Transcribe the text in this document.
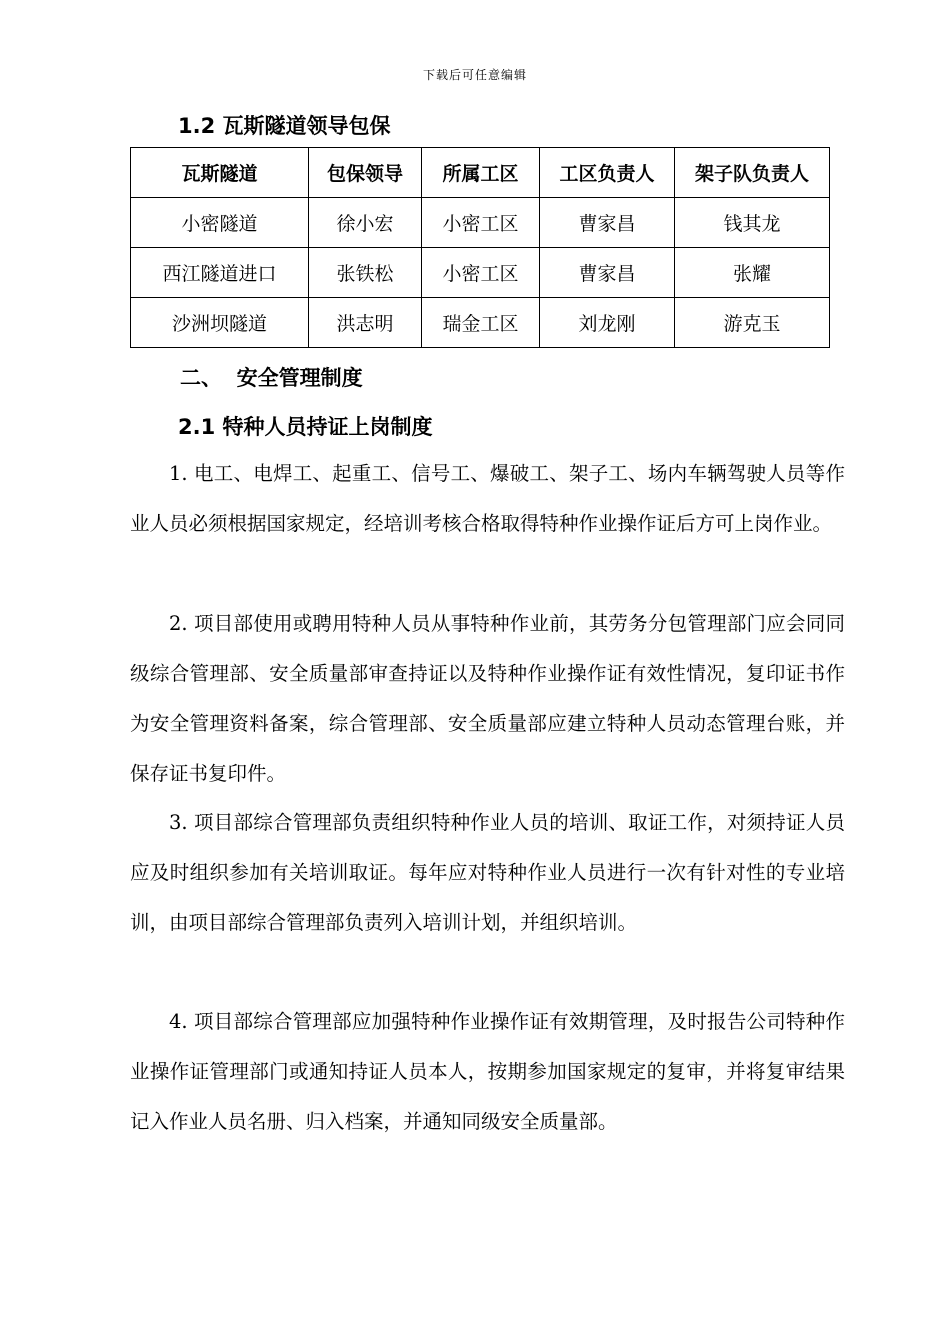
下载后可任意编辑
1.2 瓦斯隧道领导包保
瓦斯隧道	包保领导	所属工区	工区负责人	架子队负责人
小密隧道	徐小宏	小密工区	曹家昌	钱其龙
西江隧道进口	张铁松	小密工区	曹家昌	张耀
沙洲坝隧道	洪志明	瑞金工区	刘龙刚	游克玉
二、  安全管理制度
2.1 特种人员持证上岗制度

1. 电工、电焊工、起重工、信号工、爆破工、架子工、场内车辆驾驶人员等作业人员必须根据国家规定，经培训考核合格取得特种作业操作证后方可上岗作业。

2. 项目部使用或聘用特种人员从事特种作业前，其劳务分包管理部门应会同同级综合管理部、安全质量部审查持证以及特种作业操作证有效性情况，复印证书作为安全管理资料备案，综合管理部、安全质量部应建立特种人员动态管理台账，并保存证书复印件。

3. 项目部综合管理部负责组织特种作业人员的培训、取证工作，对须持证人员应及时组织参加有关培训取证。每年应对特种作业人员进行一次有针对性的专业培训，由项目部综合管理部负责列入培训计划，并组织培训。

4. 项目部综合管理部应加强特种作业操作证有效期管理，及时报告公司特种作业操作证管理部门或通知持证人员本人，按期参加国家规定的复审，并将复审结果记入作业人员名册、归入档案，并通知同级安全质量部。
